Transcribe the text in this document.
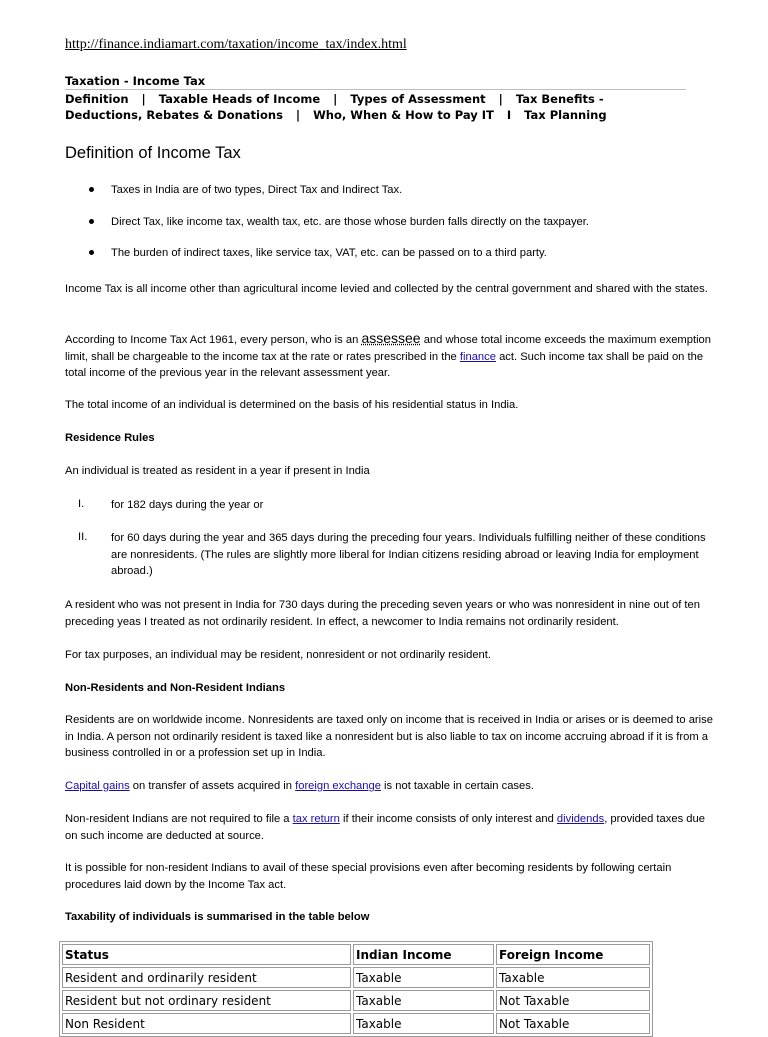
http://finance.indiamart.com/taxation/income_tax/index.html
Taxation - Income Tax
Definition | Taxable Heads of Income | Types of Assessment | Tax Benefits -
Deductions, Rebates & Donations | Who, When & How to Pay IT I Tax Planning
Definition of Income Tax
Taxes in India are of two types, Direct Tax and Indirect Tax.
Direct Tax, like income tax, wealth tax, etc. are those whose burden falls directly on the taxpayer.
The burden of indirect taxes, like service tax, VAT, etc. can be passed on to a third party.
Income Tax is all income other than agricultural income levied and collected by the central government and shared with the states.
According to Income Tax Act 1961, every person, who is an assessee and whose total income exceeds the maximum exemption limit, shall be chargeable to the income tax at the rate or rates prescribed in the finance act. Such income tax shall be paid on the total income of the previous year in the relevant assessment year.
The total income of an individual is determined on the basis of his residential status in India.
Residence Rules
An individual is treated as resident in a year if present in India
I. for 182 days during the year or
II. for 60 days during the year and 365 days during the preceding four years. Individuals fulfilling neither of these conditions are nonresidents. (The rules are slightly more liberal for Indian citizens residing abroad or leaving India for employment abroad.)
A resident who was not present in India for 730 days during the preceding seven years or who was nonresident in nine out of ten preceding yeas I treated as not ordinarily resident. In effect, a newcomer to India remains not ordinarily resident.
For tax purposes, an individual may be resident, nonresident or not ordinarily resident.
Non-Residents and Non-Resident Indians
Residents are on worldwide income. Nonresidents are taxed only on income that is received in India or arises or is deemed to arise in India. A person not ordinarily resident is taxed like a nonresident but is also liable to tax on income accruing abroad if it is from a business controlled in or a profession set up in India.
Capital gains on transfer of assets acquired in foreign exchange is not taxable in certain cases.
Non-resident Indians are not required to file a tax return if their income consists of only interest and dividends, provided taxes due on such income are deducted at source.
It is possible for non-resident Indians to avail of these special provisions even after becoming residents by following certain procedures laid down by the Income Tax act.
Taxability of individuals is summarised in the table below
Status	Indian Income	Foreign Income
Resident and ordinarily resident	Taxable	Taxable
Resident but not ordinary resident	Taxable	Not Taxable
Non Resident	Taxable	Not Taxable
